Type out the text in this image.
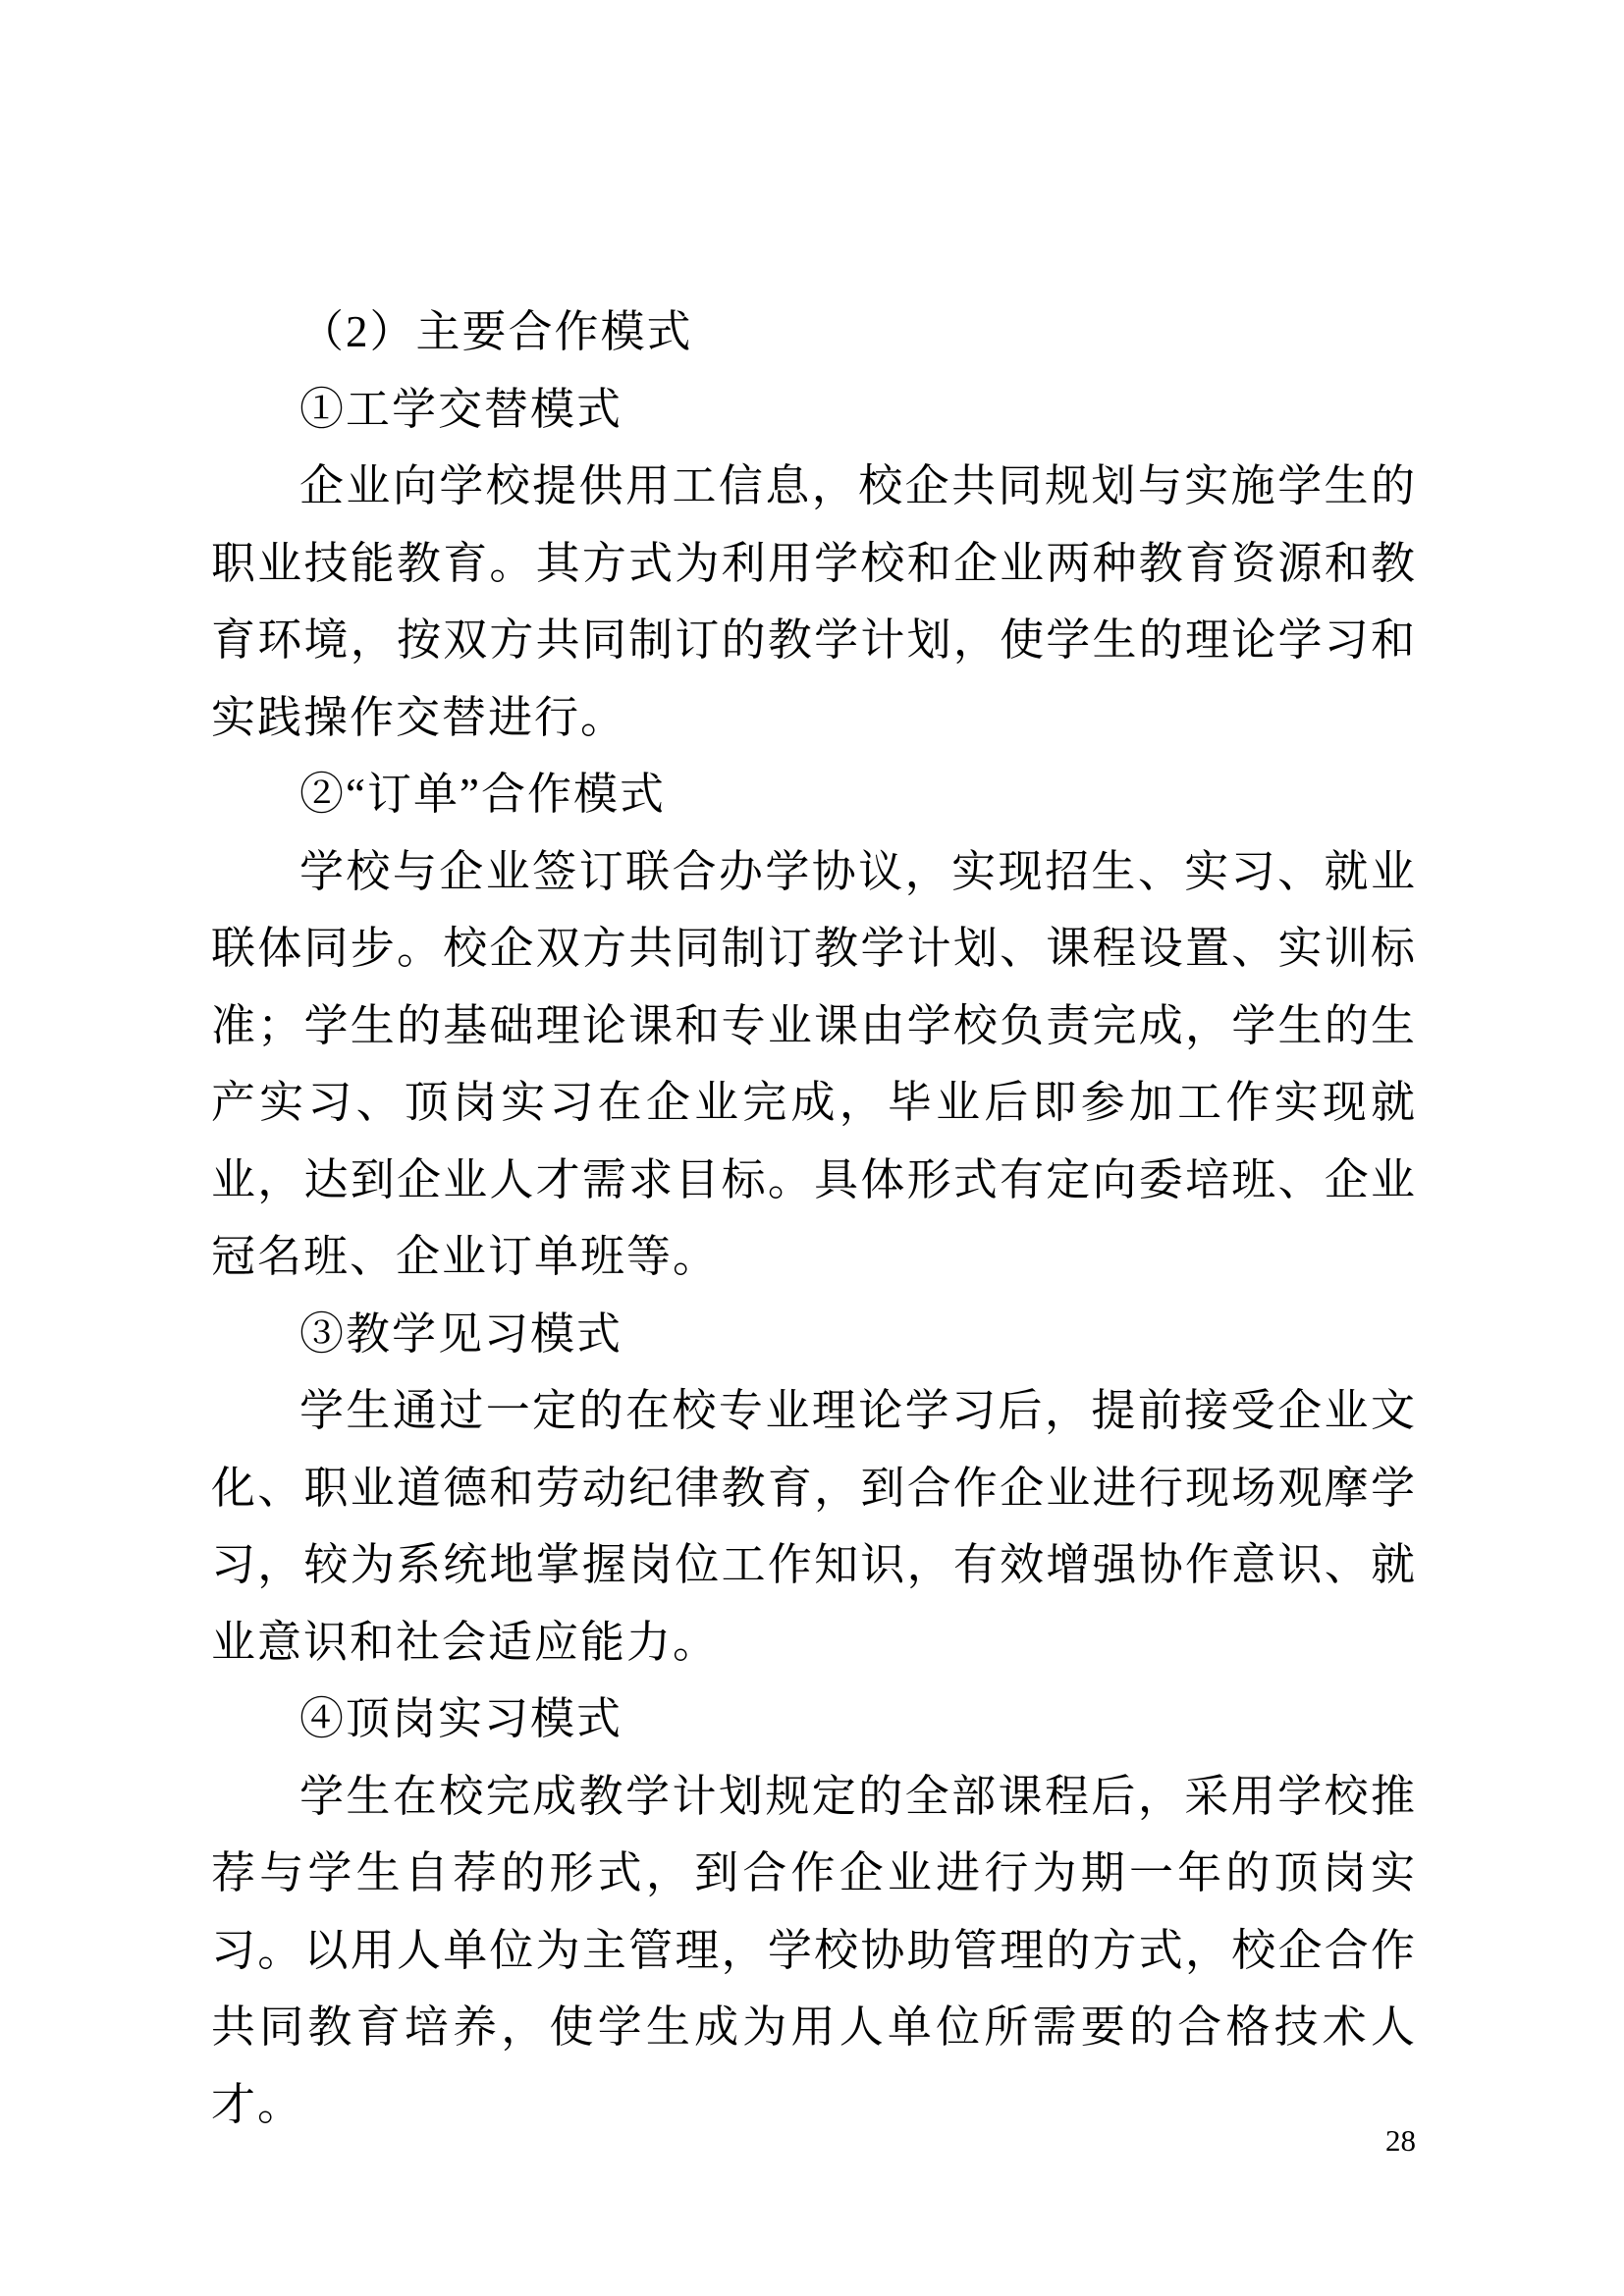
（2）主要合作模式

①工学交替模式

企业向学校提供用工信息，校企共同规划与实施学生的职业技能教育。其方式为利用学校和企业两种教育资源和教育环境，按双方共同制订的教学计划，使学生的理论学习和实践操作交替进行。

②“订单”合作模式

学校与企业签订联合办学协议，实现招生、实习、就业联体同步。校企双方共同制订教学计划、课程设置、实训标准；学生的基础理论课和专业课由学校负责完成，学生的生产实习、顶岗实习在企业完成，毕业后即参加工作实现就业，达到企业人才需求目标。具体形式有定向委培班、企业冠名班、企业订单班等。

③教学见习模式

学生通过一定的在校专业理论学习后，提前接受企业文化、职业道德和劳动纪律教育，到合作企业进行现场观摩学习，较为系统地掌握岗位工作知识，有效增强协作意识、就业意识和社会适应能力。

④顶岗实习模式

学生在校完成教学计划规定的全部课程后，采用学校推荐与学生自荐的形式，到合作企业进行为期一年的顶岗实习。以用人单位为主管理，学校协助管理的方式，校企合作共同教育培养，使学生成为用人单位所需要的合格技术人才。

28
